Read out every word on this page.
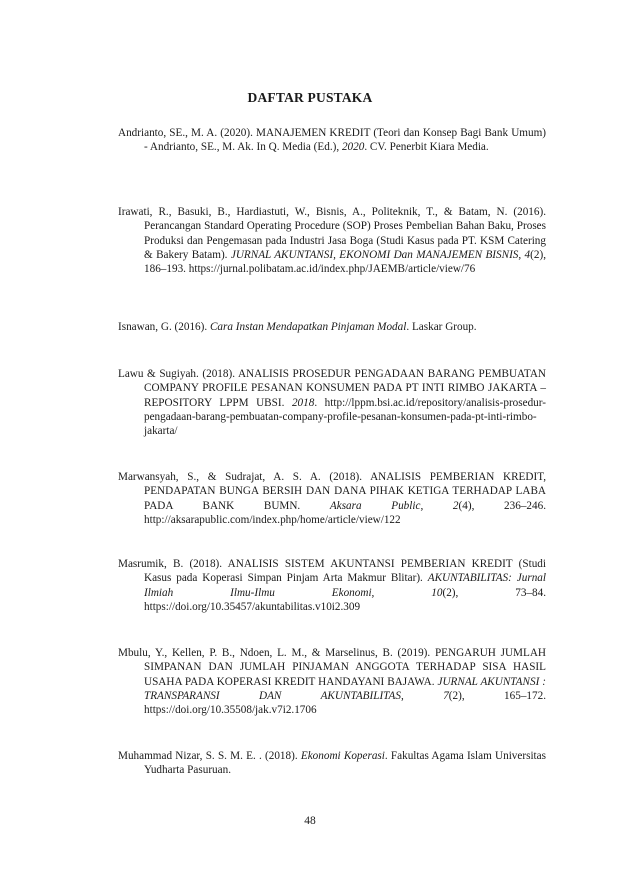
DAFTAR PUSTAKA
Andrianto, SE., M. A. (2020). MANAJEMEN KREDIT (Teori dan Konsep Bagi Bank Umum) - Andrianto, SE., M. Ak. In Q. Media (Ed.), 2020. CV. Penerbit Kiara Media.
Irawati, R., Basuki, B., Hardiastuti, W., Bisnis, A., Politeknik, T., & Batam, N. (2016). Perancangan Standard Operating Procedure (SOP) Proses Pembelian Bahan Baku, Proses Produksi dan Pengemasan pada Industri Jasa Boga (Studi Kasus pada PT. KSM Catering & Bakery Batam). JURNAL AKUNTANSI, EKONOMI Dan MANAJEMEN BISNIS, 4(2), 186–193. https://jurnal.polibatam.ac.id/index.php/JAEMB/article/view/76
Isnawan, G. (2016). Cara Instan Mendapatkan Pinjaman Modal. Laskar Group.
Lawu & Sugiyah. (2018). ANALISIS PROSEDUR PENGADAAN BARANG PEMBUATAN COMPANY PROFILE PESANAN KONSUMEN PADA PT INTI RIMBO JAKARTA – REPOSITORY LPPM UBSI. 2018. http://lppm.bsi.ac.id/repository/analisis-prosedur-pengadaan-barang-pembuatan-company-profile-pesanan-konsumen-pada-pt-inti-rimbo-jakarta/
Marwansyah, S., & Sudrajat, A. S. A. (2018). ANALISIS PEMBERIAN KREDIT, PENDAPATAN BUNGA BERSIH DAN DANA PIHAK KETIGA TERHADAP LABA PADA BANK BUMN. Aksara Public, 2(4), 236–246. http://aksarapublic.com/index.php/home/article/view/122
Masrumik, B. (2018). ANALISIS SISTEM AKUNTANSI PEMBERIAN KREDIT (Studi Kasus pada Koperasi Simpan Pinjam Arta Makmur Blitar). AKUNTABILITAS: Jurnal Ilmiah Ilmu-Ilmu Ekonomi, 10(2), 73–84. https://doi.org/10.35457/akuntabilitas.v10i2.309
Mbulu, Y., Kellen, P. B., Ndoen, L. M., & Marselinus, B. (2019). PENGARUH JUMLAH SIMPANAN DAN JUMLAH PINJAMAN ANGGOTA TERHADAP SISA HASIL USAHA PADA KOPERASI KREDIT HANDAYANI BAJAWA. JURNAL AKUNTANSI : TRANSPARANSI DAN AKUNTABILITAS, 7(2), 165–172. https://doi.org/10.35508/jak.v7i2.1706
Muhammad Nizar, S. S. M. E. . (2018). Ekonomi Koperasi. Fakultas Agama Islam Universitas Yudharta Pasuruan.
48
